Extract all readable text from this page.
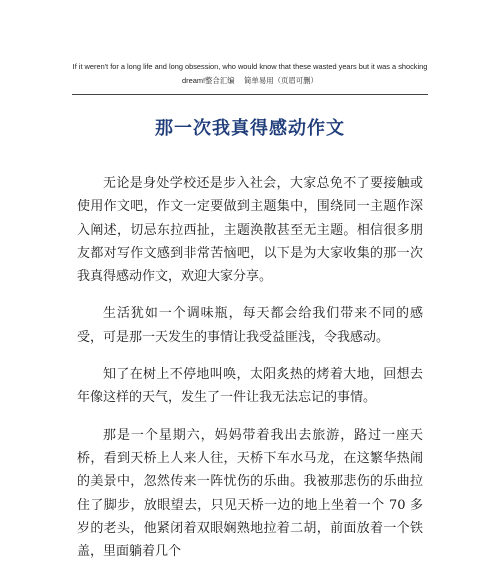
If it weren't for a long life and long obsession, who would know that these wasted years but it was a shocking
dream!整合汇编　 简单易用（页眉可删）
那一次我真得感动作文

无论是身处学校还是步入社会，大家总免不了要接触或使用作文吧，作文一定要做到主题集中，围绕同一主题作深入阐述，切忌东拉西扯，主题涣散甚至无主题。相信很多朋友都对写作文感到非常苦恼吧，以下是为大家收集的那一次我真得感动作文，欢迎大家分享。

生活犹如一个调味瓶，每天都会给我们带来不同的感受，可是那一天发生的事情让我受益匪浅，令我感动。

知了在树上不停地叫唤，太阳炙热的烤着大地，回想去年像这样的天气，发生了一件让我无法忘记的事情。

那是一个星期六，妈妈带着我出去旅游，路过一座天桥，看到天桥上人来人往，天桥下车水马龙，在这繁华热闹的美景中，忽然传来一阵忧伤的乐曲。我被那悲伤的乐曲拉住了脚步，放眼望去，只见天桥一边的地上坐着一个 70 多岁的老头，他紧闭着双眼娴熟地拉着二胡，前面放着一个铁盖，里面躺着几个
